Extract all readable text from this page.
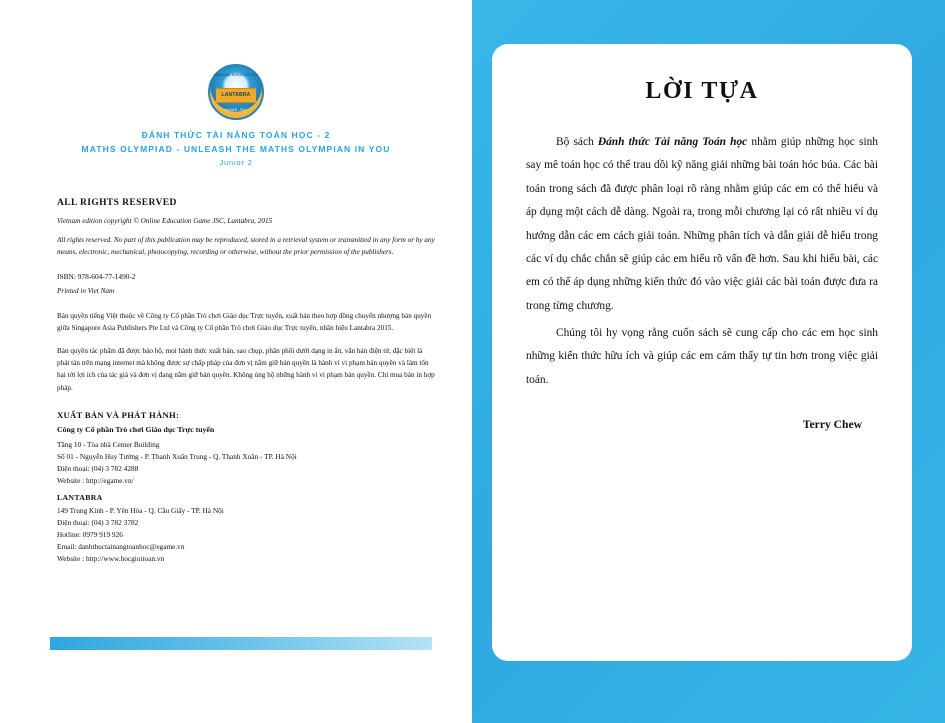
ONLINE EDUCATION
LANTABRA
GAME JSC
ĐÁNH THỨC TÀI NĂNG TOÁN HỌC - 2
MATHS OLYMPIAD - UNLEASH THE MATHS OLYMPIAN IN YOU
Junior 2
ALL RIGHTS RESERVED
Vietnam edition copyright © Online Education Game JSC, Lantabra, 2015
All rights reserved. No part of this publication may be reproduced, stored in a retrieval system or transmitted in any form or by any means, electronic, mechanical, photocopying, recording or otherwise, without the prior permission of the publishers.
ISBN: 978-604-77-1490-2
Printed in Viet Nam
Bản quyền tiếng Việt thuộc về Công ty Cổ phần Trò chơi Giáo dục Trực tuyến, xuất bản theo hợp đồng chuyển nhượng bản quyền giữa Singapore Asia Publishers Pte Ltd và Công ty Cổ phần Trò chơi Giáo dục Trực tuyến, nhãn hiệu Lantabra 2015.
Bản quyền tác phẩm đã được bảo hộ, mọi hành thức xuất bản, sao chụp, phân phối dưới dạng in ấn, văn bản điện tử, đặc biệt là phát tán trên mạng internet mà không được sự chấp pháp của đơn vị nắm giữ bản quyền là hành vi vi phạm bản quyền và làm tổn hại tới lợi ích của tác giả và đơn vị đang nắm giữ bản quyền. Không ủng hộ những hành vi vi phạm bản quyền. Chỉ mua bản in hợp pháp.
XUẤT BẢN VÀ PHÁT HÀNH:
Công ty Cổ phần Trò chơi Giáo dục Trực tuyến
Tầng 10 - Tòa nhà Center Building
Số 01 - Nguyễn Huy Tưởng - P. Thanh Xuân Trung - Q. Thanh Xuân - TP. Hà Nội
Điện thoại: (04) 3 782 4288
Website : http://egame.vn/
LANTABRA
149 Trung Kính - P. Yên Hòa - Q. Cầu Giấy - TP. Hà Nội
Điện thoại: (04) 3 782 3782
Hotline: 0979 919 926
Email: danhthuctainangtoanhoc@egame.vn
Website : http://www.hocgioitoan.vn
LỜI TỰA

Bộ sách Đánh thức Tài năng Toán học nhằm giúp những học sinh say mê toán học có thể trau dồi kỹ năng giải những bài toán hóc búa. Các bài toán trong sách đã được phân loại rõ ràng nhằm giúp các em có thể hiểu và áp dụng một cách dễ dàng. Ngoài ra, trong mỗi chương lại có rất nhiều ví dụ hướng dẫn các em cách giải toán. Những phân tích và dẫn giải dễ hiểu trong các ví dụ chắc chắn sẽ giúp các em hiểu rõ vấn đề hơn. Sau khi hiểu bài, các em có thể áp dụng những kiến thức đó vào việc giải các bài toán được đưa ra trong từng chương.

Chúng tôi hy vọng rằng cuốn sách sẽ cung cấp cho các em học sinh những kiến thức hữu ích và giúp các em cảm thấy tự tin hơn trong việc giải toán.

Terry Chew
